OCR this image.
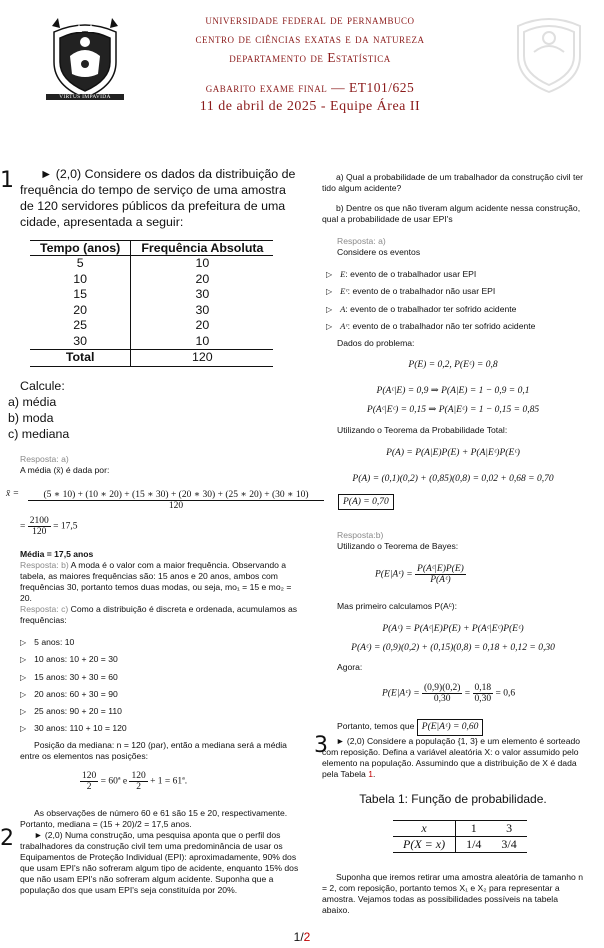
VIRTUS IMPAVIDA
universidade federal de pernambuco
centro de ciências exatas e da natureza
departamento de Estatística
gabarito exame final — ET101/625
11 de abril de 2025 - Equipe Área II
1	► (2,0) Considere os dados da distribuição de frequência do tempo de serviço de uma amostra de 120 servidores públicos da prefeitura de uma cidade, apresentada a seguir:
Tempo (anos)	Frequência Absoluta
5	10
10	20
15	30
20	30
25	20
30	10
Total	120
Calcule:
a) média
b) moda
c) mediana
Resposta: a)
A média (x̄) é dada por:
x̄ =	(5 ∗ 10) + (10 ∗ 20) + (15 ∗ 30) + (20 ∗ 30) + (25 ∗ 20) + (30 ∗ 10)
120
= $\frac{2100}{120} = 17,5$
Média = 17,5 anos
Resposta: b) A moda é o valor com a maior frequência. Observando a tabela, as maiores frequências são: 15 anos e 20 anos, ambos com frequências 30, portanto temos duas modas, ou seja, mo₁ = 15 e mo₂ = 20.
Resposta: c) Como a distribuição é discreta e ordenada, acumulamos as frequências:
▷ 5 anos: 10
▷ 10 anos: 10 + 20 = 30
▷ 15 anos: 30 + 30 = 60
▷ 20 anos: 60 + 30 = 90
▷ 25 anos: 90 + 20 = 110
▷ 30 anos: 110 + 10 = 120
Posição da mediana: n = 120 (par), então a mediana será a média entre os elementos nas posições:
$\frac{120}{2}$ = 60ª e $\frac{120}{2} + 1$ = 61ª.
As observações de número 60 e 61 são 15 e 20, respectivamente. Portanto, mediana = (15 + 20)/2 = 17,5 anos.
2	► (2,0) Numa construção, uma pesquisa aponta que o perfil dos trabalhadores da construção civil tem uma predominância de usar os Equipamentos de Proteção Individual (EPI): aproximadamente, 90% dos que usam EPI's não sofreram algum tipo de acidente, enquanto 15% dos que não usam EPI's não sofreram algum acidente. Suponha que a população dos que usam EPI's seja constituída por 20%.
a) Qual a probabilidade de um trabalhador da construção civil ter tido algum acidente?
b) Dentre os que não tiveram algum acidente nessa construção, qual a probabilidade de usar EPI's
Resposta: a)
Considere os eventos
▷ E: evento de o trabalhador usar EPI
▷ Eᶜ: evento de o trabalhador não usar EPI
▷ A: evento de o trabalhador ter sofrido acidente
▷ Aᶜ: evento de o trabalhador não ter sofrido acidente
Dados do problema:
P(E) = 0,2, P(Eᶜ) = 0,8
P(Aᶜ|E) = 0,9 ⇒ P(A|E) = 1 − 0,9 = 0,1
P(Aᶜ|Eᶜ) = 0,15 ⇒ P(A|Eᶜ) = 1 − 0,15 = 0,85
Utilizando o Teorema da Probabilidade Total:
P(A) = P(A|E)P(E) + P(A|Eᶜ)P(Eᶜ)
P(A) = (0,1)(0,2) + (0,85)(0,8) = 0,02 + 0,68 = 0,70
P(A) = 0,70
Resposta:b)
Utilizando o Teorema de Bayes:
P(E|Aᶜ) = $\frac{\text{P(Aᶜ|E)P(E)}}{\text{P(Aᶜ)}}$
Mas primeiro calculamos P(Aᶜ):
P(Aᶜ) = P(Aᶜ|E)P(E) + P(Aᶜ|Eᶜ)P(Eᶜ)
P(Aᶜ) = (0,9)(0,2) + (0,15)(0,8) = 0,18 + 0,12 = 0,30
Agora:
P(E|Aᶜ) = $\frac{(0,9)(0,2)}{0,30} = \frac{0,18}{0,30} = 0,6$
Portanto, temos que P(E|Aᶜ) = 0,60
3 ► (2,0) Considere a população {1, 3} e um elemento é sorteado com reposição. Defina a variável aleatória X: o valor assumido pelo elemento na população. Assumindo que a distribuição de X é dada pela Tabela 1.
Tabela 1: Função de probabilidade.
x	1	3
P(X = x)	1/4	3/4
Suponha que iremos retirar uma amostra aleatória de tamanho n = 2, com reposição, portanto temos X₁ e X₂ para representar a amostra. Vejamos todas as possibilidades possíveis na tabela abaixo.
1/2
